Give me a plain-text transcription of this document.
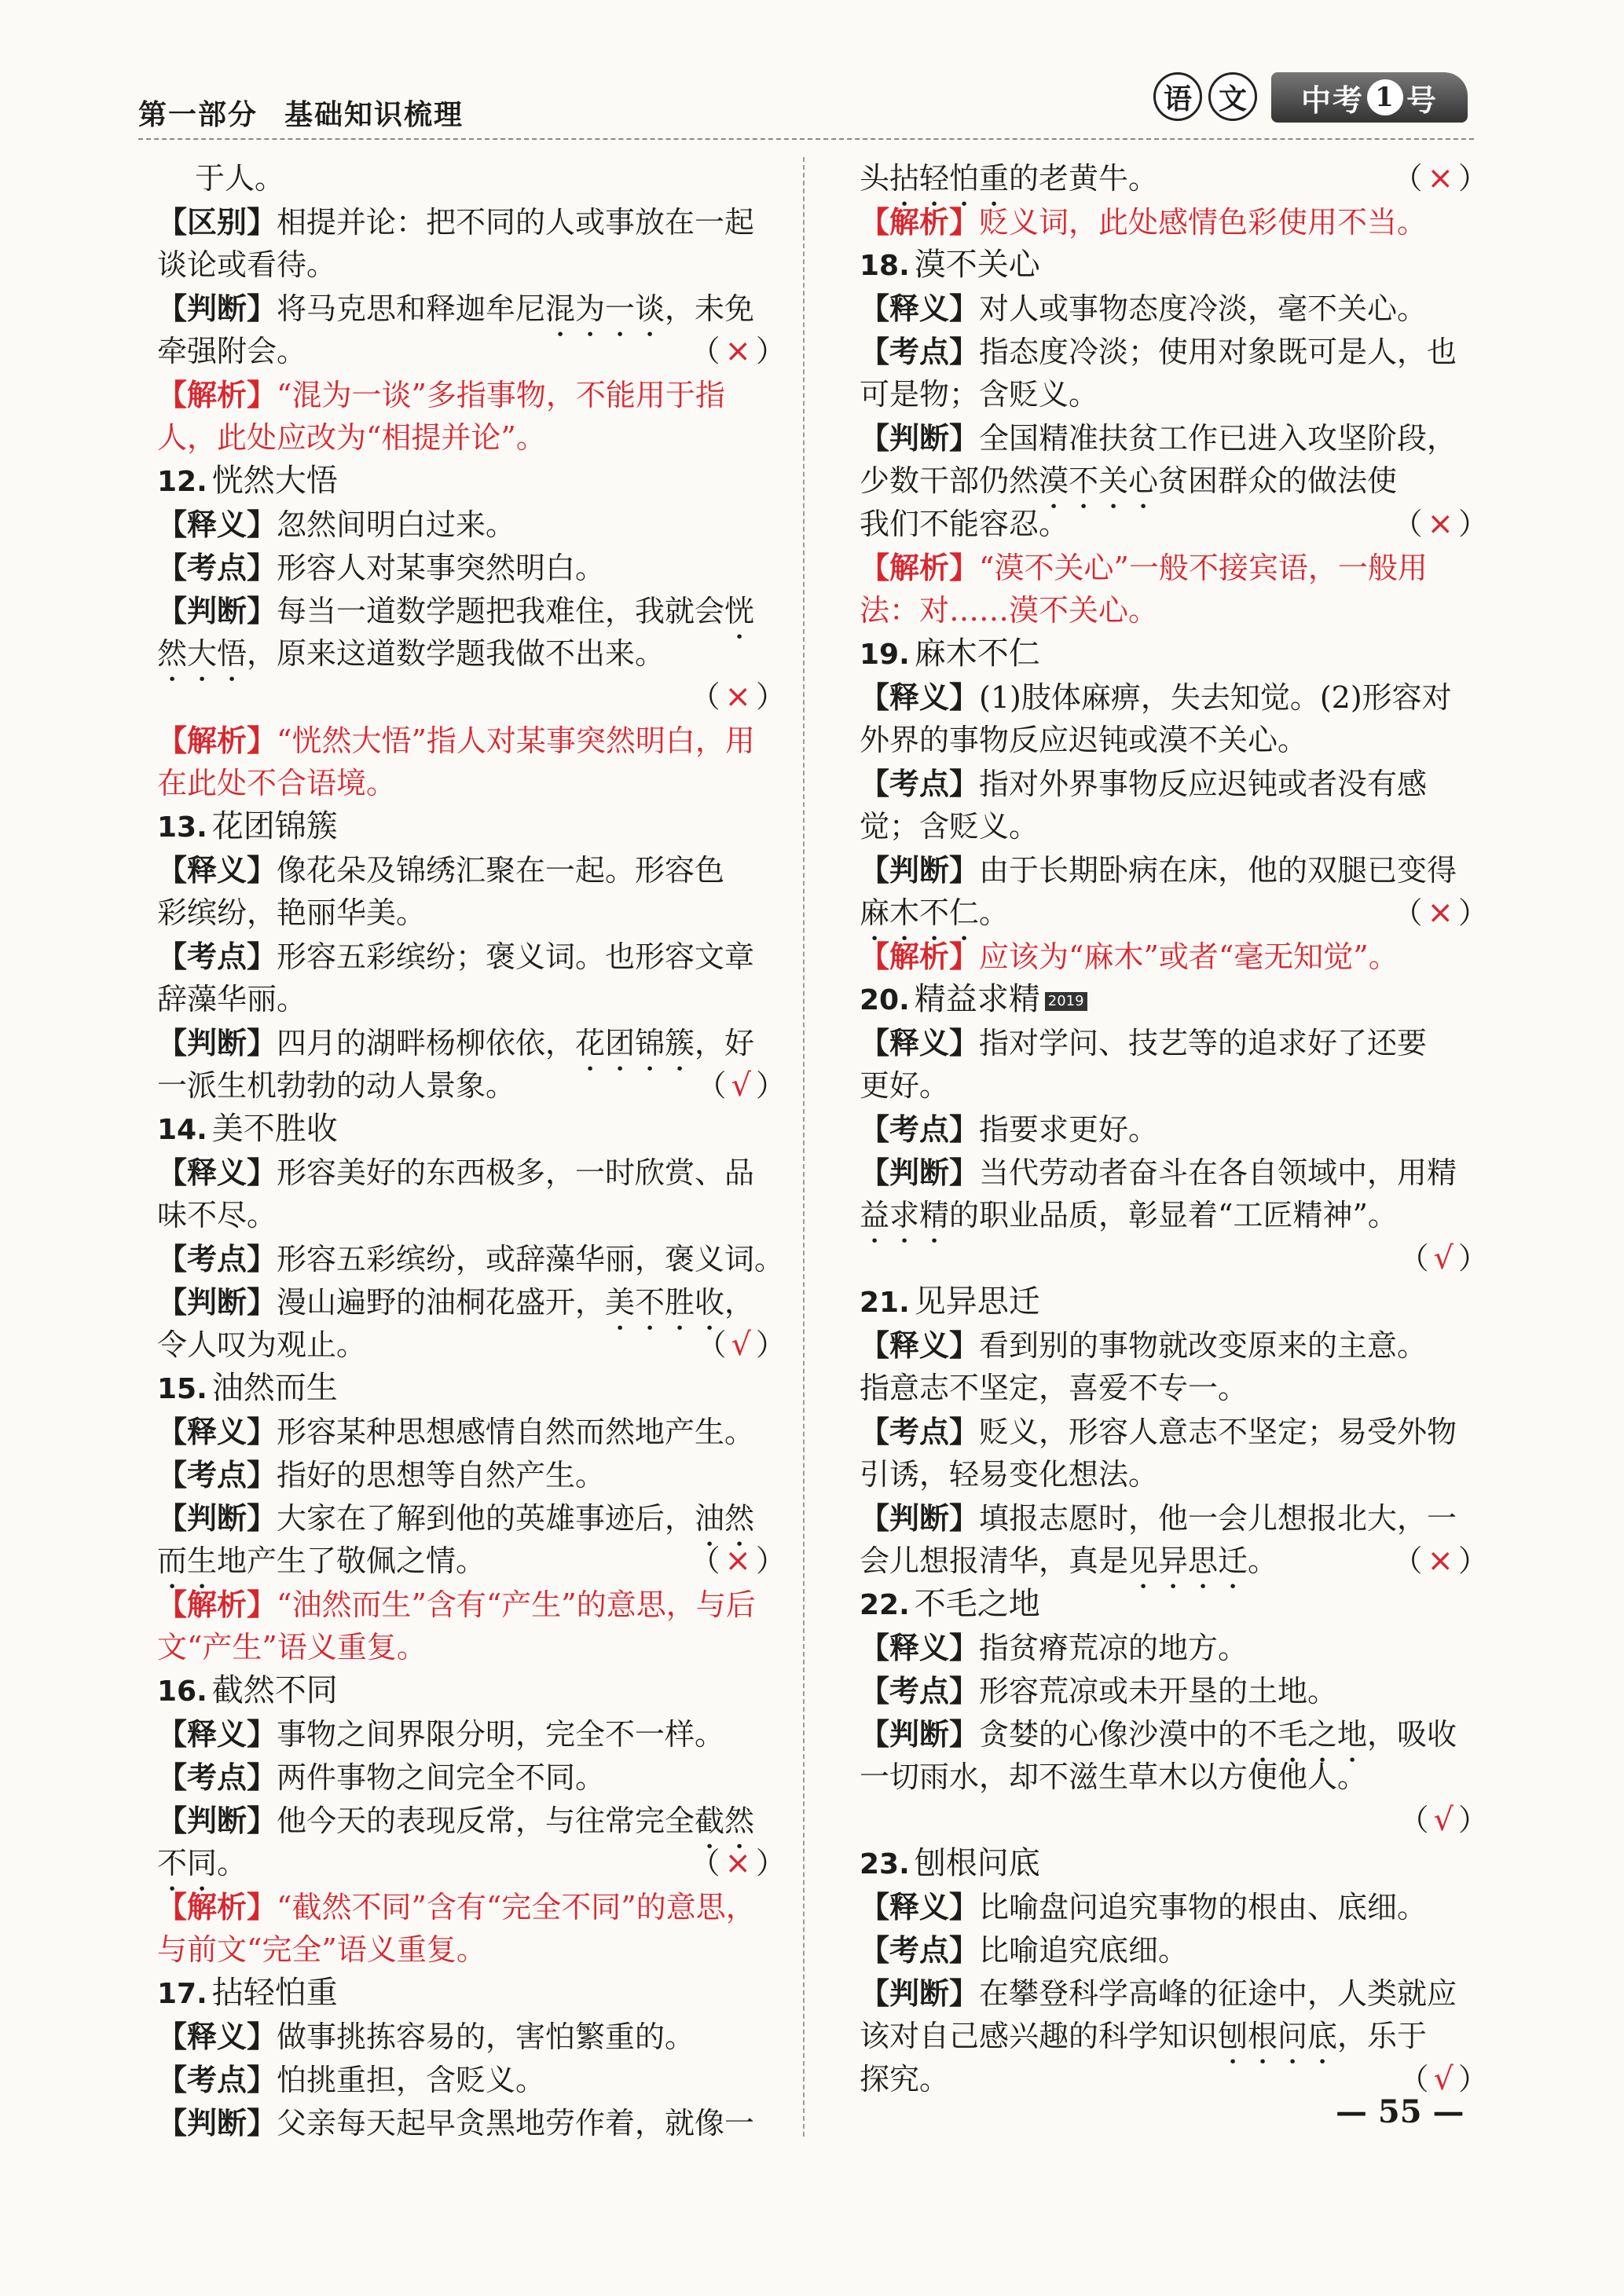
第一部分 基础知识梳理	语 文	中考 1 号
于人。
【区别】相提并论：把不同的人或事放在一起
谈论或看待。
【判断】将马克思和释迦牟尼混为一谈，未免
牵强附会。	（ × ）
【解析】“混为一谈”多指事物，不能用于指
人，此处应改为“相提并论”。
12. 恍然大悟
【释义】忽然间明白过来。
【考点】形容人对某事突然明白。
【判断】每当一道数学题把我难住，我就会恍
然大悟，原来这道数学题我做不出来。
（ × ）
【解析】“恍然大悟”指人对某事突然明白，用
在此处不合语境。
13. 花团锦簇
【释义】像花朵及锦绣汇聚在一起。形容色
彩缤纷，艳丽华美。
【考点】形容五彩缤纷；褒义词。也形容文章
辞藻华丽。
【判断】四月的湖畔杨柳依依，花团锦簇，好
一派生机勃勃的动人景象。	（ √ ）
14. 美不胜收
【释义】形容美好的东西极多，一时欣赏、品
味不尽。
【考点】形容五彩缤纷，或辞藻华丽，褒义词。
【判断】漫山遍野的油桐花盛开，美不胜收，
令人叹为观止。	（ √ ）
15. 油然而生
【释义】形容某种思想感情自然而然地产生。
【考点】指好的思想等自然产生。
【判断】大家在了解到他的英雄事迹后，油然
而生地产生了敬佩之情。	（ × ）
【解析】“油然而生”含有“产生”的意思，与后
文“产生”语义重复。
16. 截然不同
【释义】事物之间界限分明，完全不一样。
【考点】两件事物之间完全不同。
【判断】他今天的表现反常，与往常完全截然
不同。	（ × ）
【解析】“截然不同”含有“完全不同”的意思，
与前文“完全”语义重复。
17. 拈轻怕重
【释义】做事挑拣容易的，害怕繁重的。
【考点】怕挑重担，含贬义。
【判断】父亲每天起早贪黑地劳作着，就像一
头拈轻怕重的老黄牛。	（ × ）
【解析】贬义词，此处感情色彩使用不当。
18. 漠不关心
【释义】对人或事物态度冷淡，毫不关心。
【考点】指态度冷淡；使用对象既可是人，也
可是物；含贬义。
【判断】全国精准扶贫工作已进入攻坚阶段，
少数干部仍然漠不关心贫困群众的做法使
我们不能容忍。	（ × ）
【解析】“漠不关心”一般不接宾语，一般用
法：对……漠不关心。
19. 麻木不仁
【释义】(1)肢体麻痹，失去知觉。(2)形容对
外界的事物反应迟钝或漠不关心。
【考点】指对外界事物反应迟钝或者没有感
觉；含贬义。
【判断】由于长期卧病在床，他的双腿已变得
麻木不仁。	（ × ）
【解析】应该为“麻木”或者“毫无知觉”。
20. 精益求精 2019
【释义】指对学问、技艺等的追求好了还要
更好。
【考点】指要求更好。
【判断】当代劳动者奋斗在各自领域中，用精
益求精的职业品质，彰显着“工匠精神”。
（ √ ）
21. 见异思迁
【释义】看到别的事物就改变原来的主意。
指意志不坚定，喜爱不专一。
【考点】贬义，形容人意志不坚定；易受外物
引诱，轻易变化想法。
【判断】填报志愿时，他一会儿想报北大，一
会儿想报清华，真是见异思迁。	（ × ）
22. 不毛之地
【释义】指贫瘠荒凉的地方。
【考点】形容荒凉或未开垦的土地。
【判断】贪婪的心像沙漠中的不毛之地，吸收
一切雨水，却不滋生草木以方便他人。
（ √ ）
23. 刨根问底
【释义】比喻盘问追究事物的根由、底细。
【考点】比喻追究底细。
【判断】在攀登科学高峰的征途中，人类就应
该对自己感兴趣的科学知识刨根问底，乐于
探究。	（ √ ）
— 55 —
